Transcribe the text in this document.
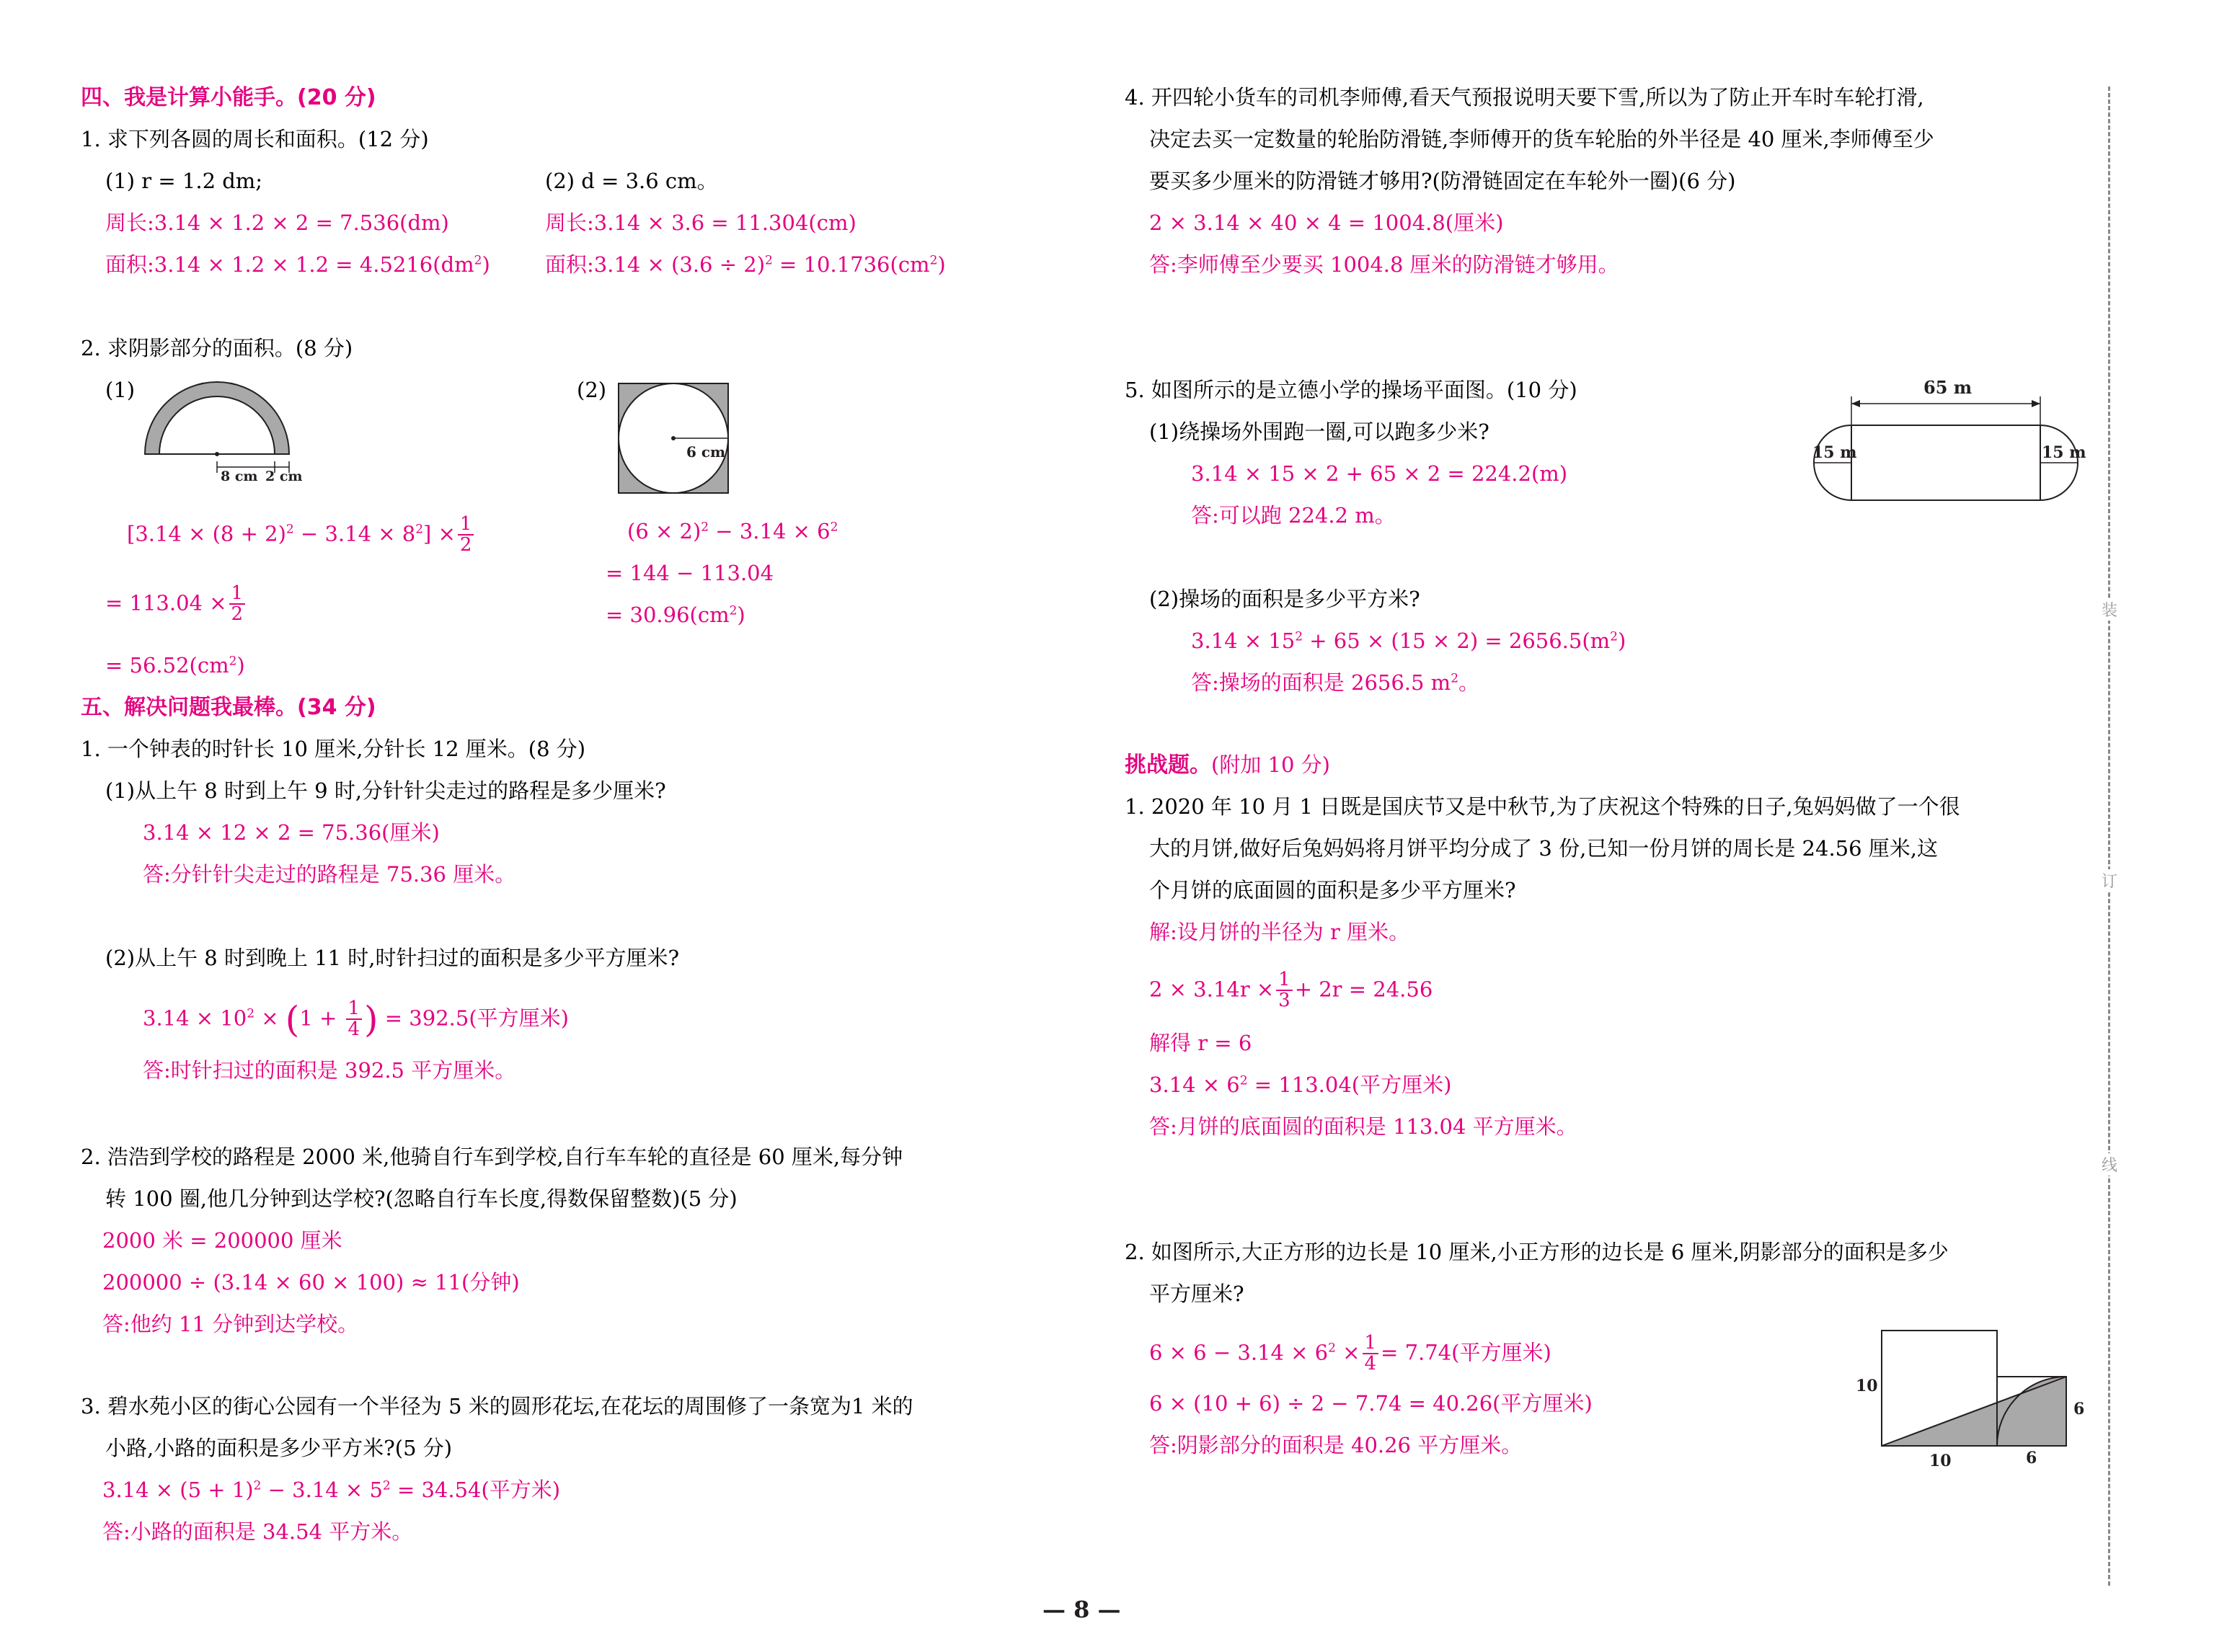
四、我是计算小能手。(20 分)
1. 求下列各圆的周长和面积。(12 分)
(1) r = 1.2 dm;
周长:3.14 × 1.2 × 2 = 7.536(dm)
面积:3.14 × $1.2 \times 1.2 = 4.5216(dm^2)$
(2) d = 3.6 cm。
周长:3.14 × 3.6 = 11.304(cm)
面积:3.14 × $(3.6 \div 2)^2 = 10.1736(cm^2)$
2. 求阴影部分的面积。(8 分)
(1)
8 cm 2 cm
(2)
6 cm
$[3.14 \times (8 + 2)^2 - 3.14 \times 8^2] \times \frac{1}{2}$
= $113.04 \times \frac{1}{2}$
= $56.52(cm^2)$
$(6 \times 2)^2 - 3.14 \times 6^2$
= 144 − 113.04
= $30.96(cm^2)$
五、解决问题我最棒。(34 分)
1. 一个钟表的时针长 10 厘米,分针长 12 厘米。(8 分)
(1)从上午 8 时到上午 9 时,分针针尖走过的路程是多少厘米?
3.14 × 12 × 2 = 75.36(厘米)
答:分针针尖走过的路程是 75.36 厘米。
(2)从上午 8 时到晚上 11 时,时针扫过的面积是多少平方厘米?
$3.14 \times 10^2 \times (1 + \frac{1}{4}$ ) = 392.5(平方厘米)
答:时针扫过的面积是 392.5 平方厘米。
2. 浩浩到学校的路程是 2000 米,他骑自行车到学校,自行车车轮的直径是 60 厘米,每分钟
转 100 圈,他几分钟到达学校?(忽略自行车长度,得数保留整数)(5 分)
2000 米 = 200000 厘米
200000 ÷ (3.14 × 60 × 100) ≈ 11(分钟)
答:他约 11 分钟到达学校。
3. 碧水苑小区的街心公园有一个半径为 5 米的圆形花坛,在花坛的周围修了一条宽为1 米的
小路,小路的面积是多少平方米?(5 分)
$3.14 \times (5 + 1)^2 - 3.14 \times 5^2 = 34.54$(平方米)
答:小路的面积是 34.54 平方米。
4. 开四轮小货车的司机李师傅,看天气预报说明天要下雪,所以为了防止开车时车轮打滑,
决定去买一定数量的轮胎防滑链,李师傅开的货车轮胎的外半径是 40 厘米,李师傅至少
要买多少厘米的防滑链才够用?(防滑链固定在车轮外一圈)(6 分)
2 × 3.14 × 40 × 4 = 1004.8(厘米)
答:李师傅至少要买 1004.8 厘米的防滑链才够用。
5. 如图所示的是立德小学的操场平面图。(10 分)
(1)绕操场外围跑一圈,可以跑多少米?
3.14 × 15 × 2 + 65 × 2 = 224.2(m)
答:可以跑 224.2 m。
(2)操场的面积是多少平方米?
$3.14 \times 15^2 + 65 \times (15 \times 2) = 2656.5(m^2)$
答:操场的面积是 2656.5 $m^2$。
65 m
15 m	15 m
挑战题。(附加 10 分)
1. 2020 年 10 月 1 日既是国庆节又是中秋节,为了庆祝这个特殊的日子,兔妈妈做了一个很
大的月饼,做好后兔妈妈将月饼平均分成了 3 份,已知一份月饼的周长是 24.56 厘米,这
个月饼的底面圆的面积是多少平方厘米?
解:设月饼的半径为 r 厘米。
$2 \times 3.14r \times \frac{1}{3} + 2r = 24.56$
解得 r = 6
$3.14 \times 6^2 = 113.04$(平方厘米)
答:月饼的底面圆的面积是 113.04 平方厘米。
2. 如图所示,大正方形的边长是 10 厘米,小正方形的边长是 6 厘米,阴影部分的面积是多少
平方厘米?
$6 \times 6 - 3.14 \times 6^2 \times \frac{1}{4} = 7.74$(平方厘米)
6 × (10 + 6) ÷ 2 − 7.74 = 40.26(平方厘米)
答:阴影部分的面积是 40.26 平方厘米。
10
10	6
6
装
订
线
— 8 —
